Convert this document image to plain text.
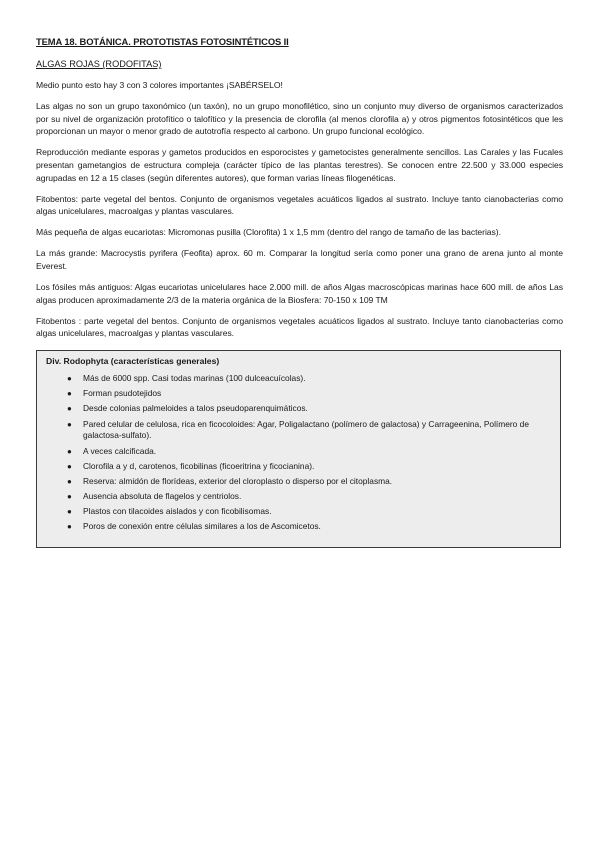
TEMA 18. BOTÁNICA. PROTOTISTAS FOTOSINTÉTICOS II
ALGAS ROJAS (RODOFITAS)

Medio punto esto hay 3 con 3 colores importantes ¡SABÉRSELO!

Las algas no son un grupo taxonómico (un taxón), no un grupo monofilético, sino un conjunto muy diverso de organismos caracterizados por su nivel de organización protofítico o talofítico y la presencia de clorofila (al menos clorofila a) y otros pigmentos fotosintéticos que les proporcionan un mayor o menor grado de autotrofía respecto al carbono. Un grupo funcional ecológico.

Reproducción mediante esporas y gametos producidos en esporocistes y gametocistes generalmente sencillos. Las Carales y las Fucales presentan gametangios de estructura compleja (carácter típico de las plantas terestres). Se conocen entre 22.500 y 33.000 especies agrupadas en 12 a 15 clases (según diferentes autores), que forman varias líneas filogenéticas.

Fitobentos: parte vegetal del bentos. Conjunto de organismos vegetales acuáticos ligados al sustrato. Incluye tanto cianobacterias como algas unicelulares, macroalgas y plantas vasculares.

Más pequeña de algas eucariotas: Micromonas pusilla (Clorofita) 1 x 1,5 mm (dentro del rango de tamaño de las bacterias).

La más grande: Macrocystis pyrifera (Feofita) aprox. 60 m. Comparar la longitud sería como poner una grano de arena junto al monte Everest.

Los fósiles más antiguos: Algas eucariotas unicelulares hace 2.000 mill. de años Algas macroscópicas marinas hace 600 mill. de años Las algas producen aproximadamente 2/3 de la materia orgánica de la Biosfera: 70-150 x 109 TM

Fitobentos : parte vegetal del bentos. Conjunto de organismos vegetales acuáticos ligados al sustrato. Incluye tanto cianobacterias como algas unicelulares, macroalgas y plantas vasculares.

Div. Rodophyta (características generales)
● Más de 6000 spp. Casi todas marinas (100 dulceacuícolas).
● Forman psudotejidos
● Desde colonias palmeloides a talos pseudoparenquimáticos.
● Pared celular de celulosa, rica en ficocoloides: Agar, Poligalactano (polímero de galactosa) y Carrageenina, Polímero de galactosa-sulfato).
● A veces calcificada.
● Clorofila a y d, carotenos, ficobilinas (ficoeritrina y ficocianina).
● Reserva: almidón de florídeas, exterior del cloroplasto o disperso por el citoplasma.
● Ausencia absoluta de flagelos y centriolos.
● Plastos con tilacoides aislados y con ficobilisomas.
● Poros de conexión entre células similares a los de Ascomicetos.
